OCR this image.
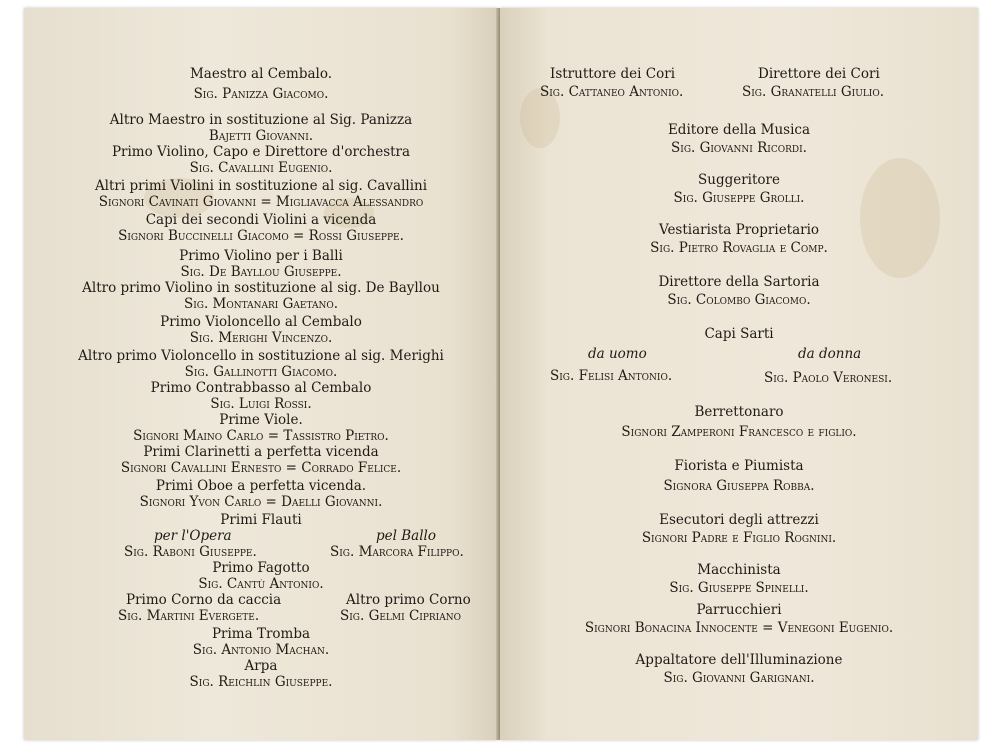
Maestro al Cembalo.
Sig. Panizza Giacomo.
Altro Maestro in sostituzione al Sig. Panizza
Bajetti Giovanni.
Primo Violino, Capo e Direttore d'orchestra
Sig. Cavallini Eugenio.
Altri primi Violini in sostituzione al sig. Cavallini
Signori Cavinati Giovanni = Migliavacca Alessandro
Capi dei secondi Violini a vicenda
Signori Buccinelli Giacomo = Rossi Giuseppe.
Primo Violino per i Balli
Sig. De Bayllou Giuseppe.
Altro primo Violino in sostituzione al sig. De Bayllou
Sig. Montanari Gaetano.
Primo Violoncello al Cembalo
Sig. Merighi Vincenzo.
Altro primo Violoncello in sostituzione al sig. Merighi
Sig. Gallinotti Giacomo.
Primo Contrabbasso al Cembalo
Sig. Luigi Rossi.
Prime Viole.
Signori Maino Carlo = Tassistro Pietro.
Primi Clarinetti a perfetta vicenda
Signori Cavallini Ernesto = Corrado Felice.
Primi Oboe a perfetta vicenda.
Signori Yvon Carlo = Daelli Giovanni.
Primi Flauti
per l'Opera	pel Ballo
Sig. Raboni Giuseppe.	Sig. Marcora Filippo.
Primo Fagotto
Sig. Cantù Antonio.
Primo Corno da caccia	Altro primo Corno
Sig. Martini Evergete.	Sig. Gelmi Cipriano
Prima Tromba
Sig. Antonio Machan.
Arpa
Sig. Reichlin Giuseppe.
Istruttore dei Cori	Direttore dei Cori
Sig. Cattaneo Antonio.	Sig. Granatelli Giulio.
Editore della Musica
Sig. Giovanni Ricordi.
Suggeritore
Sig. Giuseppe Grolli.
Vestiarista Proprietario
Sig. Pietro Rovaglia e Comp.
Direttore della Sartoria
Sig. Colombo Giacomo.
Capi Sarti
da uomo	da donna
Sig. Felisi Antonio.	Sig. Paolo Veronesi.
Berrettonaro
Signori Zamperoni Francesco e figlio.
Fiorista e Piumista
Signora Giuseppa Robba.
Esecutori degli attrezzi
Signori Padre e Figlio Rognini.
Macchinista
Sig. Giuseppe Spinelli.
Parrucchieri
Signori Bonacina Innocente = Venegoni Eugenio.
Appaltatore dell'Illuminazione
Sig. Giovanni Garignani.
